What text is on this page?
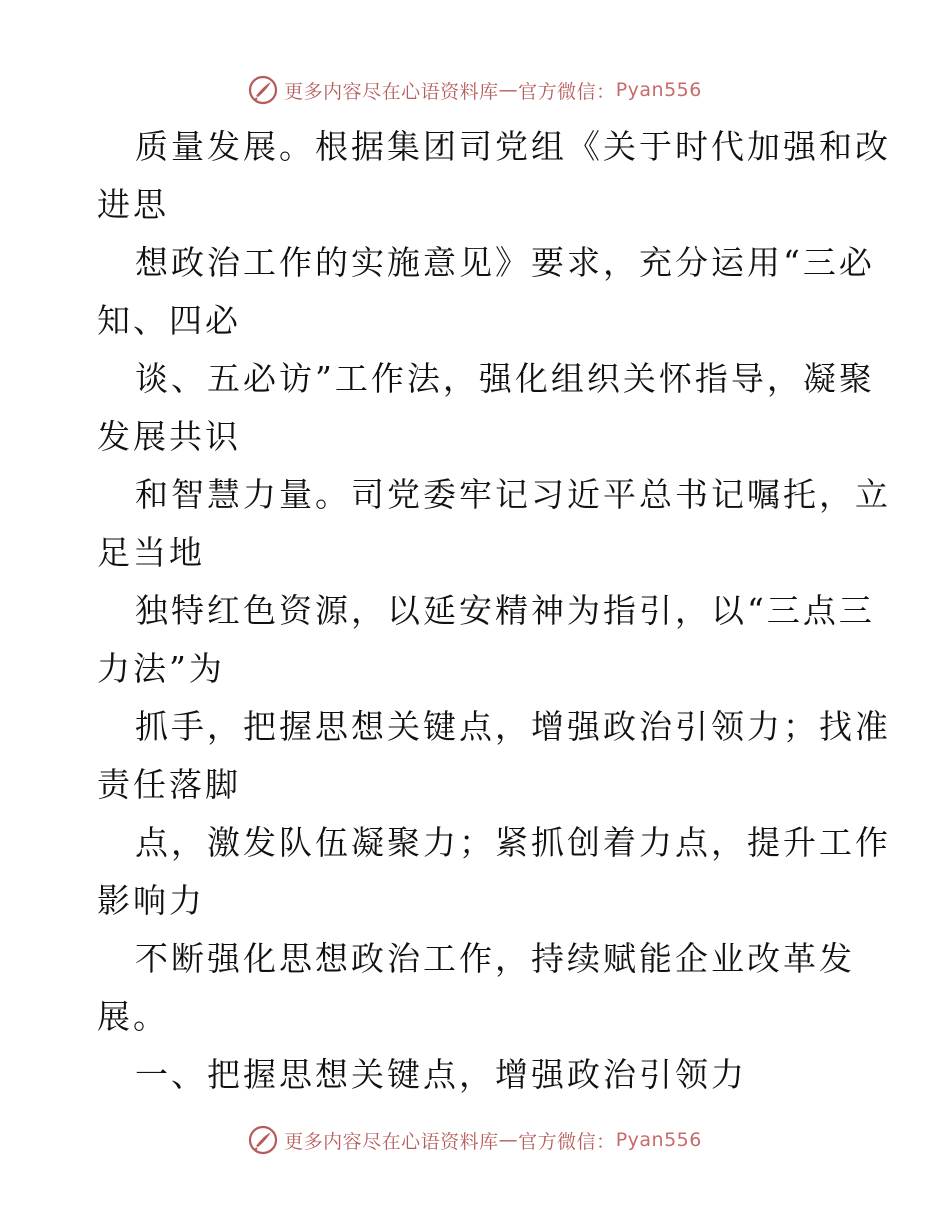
更多内容尽在心语资料库 — 官方微信： Pyan556
质量发展。根据集团司党组《关于时代加强和改
进思
想政治工作的实施意见》要求，充分运用“三必
知、四必
谈、五必访”工作法，强化组织关怀指导，凝聚
发展共识
和智慧力量。司党委牢记习近平总书记嘱托，立
足当地
独特红色资源，以延安精神为指引，以“三点三
力法”为
抓手，把握思想关键点，增强政治引领力；找准
责任落脚
点，激发队伍凝聚力；紧抓创着力点，提升工作
影响力
不断强化思想政治工作，持续赋能企业改革发
展。
一、把握思想关键点，增强政治引领力
更多内容尽在心语资料库 — 官方微信： Pyan556
